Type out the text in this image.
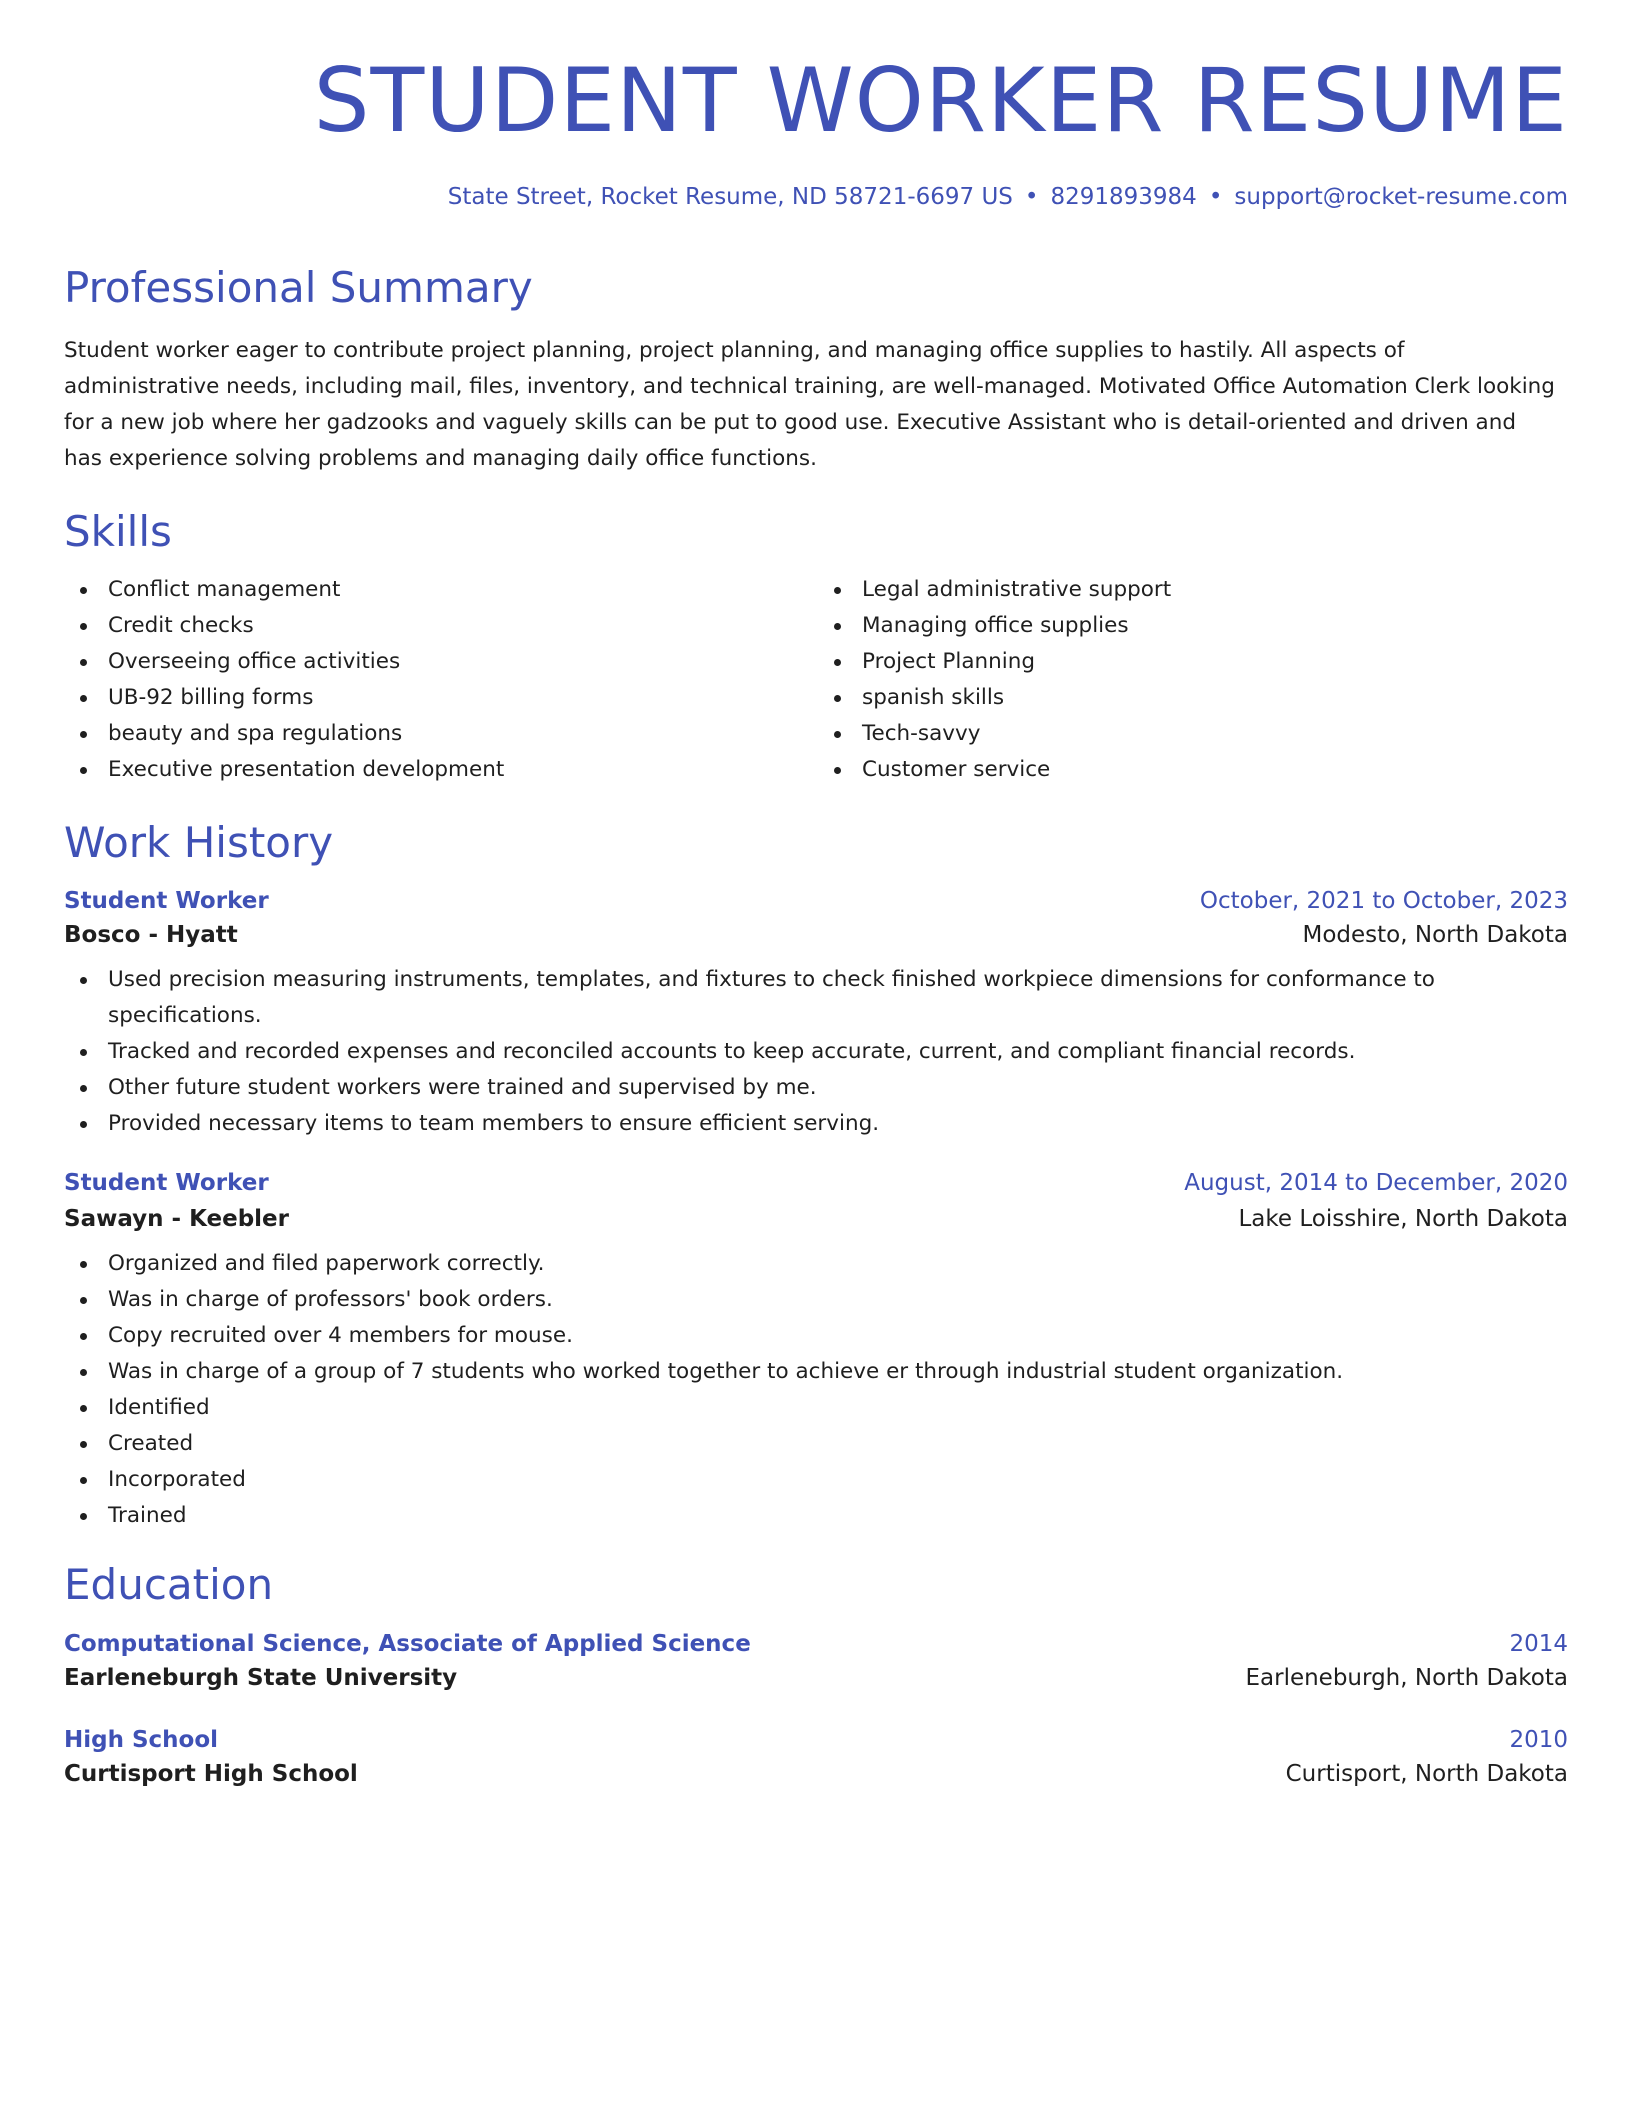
STUDENT WORKER RESUME
State Street, Rocket Resume, ND 58721-6697 US • 8291893984 • support@rocket-resume.com
Professional Summary

Student worker eager to contribute project planning, project planning, and managing office supplies to hastily. All aspects of administrative needs, including mail, files, inventory, and technical training, are well-managed. Motivated Office Automation Clerk looking for a new job where her gadzooks and vaguely skills can be put to good use. Executive Assistant who is detail-oriented and driven and has experience solving problems and managing daily office functions.

Skills
Conflict management
Credit checks
Overseeing office activities
UB-92 billing forms
beauty and spa regulations
Executive presentation development
Legal administrative support
Managing office supplies
Project Planning
spanish skills
Tech-savvy
Customer service
Work History
Student Worker	October, 2021 to October, 2023
Bosco - Hyatt	Modesto, North Dakota
Used precision measuring instruments, templates, and fixtures to check finished workpiece dimensions for conformance to specifications.
Tracked and recorded expenses and reconciled accounts to keep accurate, current, and compliant financial records.
Other future student workers were trained and supervised by me.
Provided necessary items to team members to ensure efficient serving.
Student Worker	August, 2014 to December, 2020
Sawayn - Keebler	Lake Loisshire, North Dakota
Organized and filed paperwork correctly.
Was in charge of professors' book orders.
Copy recruited over 4 members for mouse.
Was in charge of a group of 7 students who worked together to achieve er through industrial student organization.
Identified
Created
Incorporated
Trained
Education
Computational Science, Associate of Applied Science	2014
Earleneburgh State University	Earleneburgh, North Dakota
High School	2010
Curtisport High School	Curtisport, North Dakota
